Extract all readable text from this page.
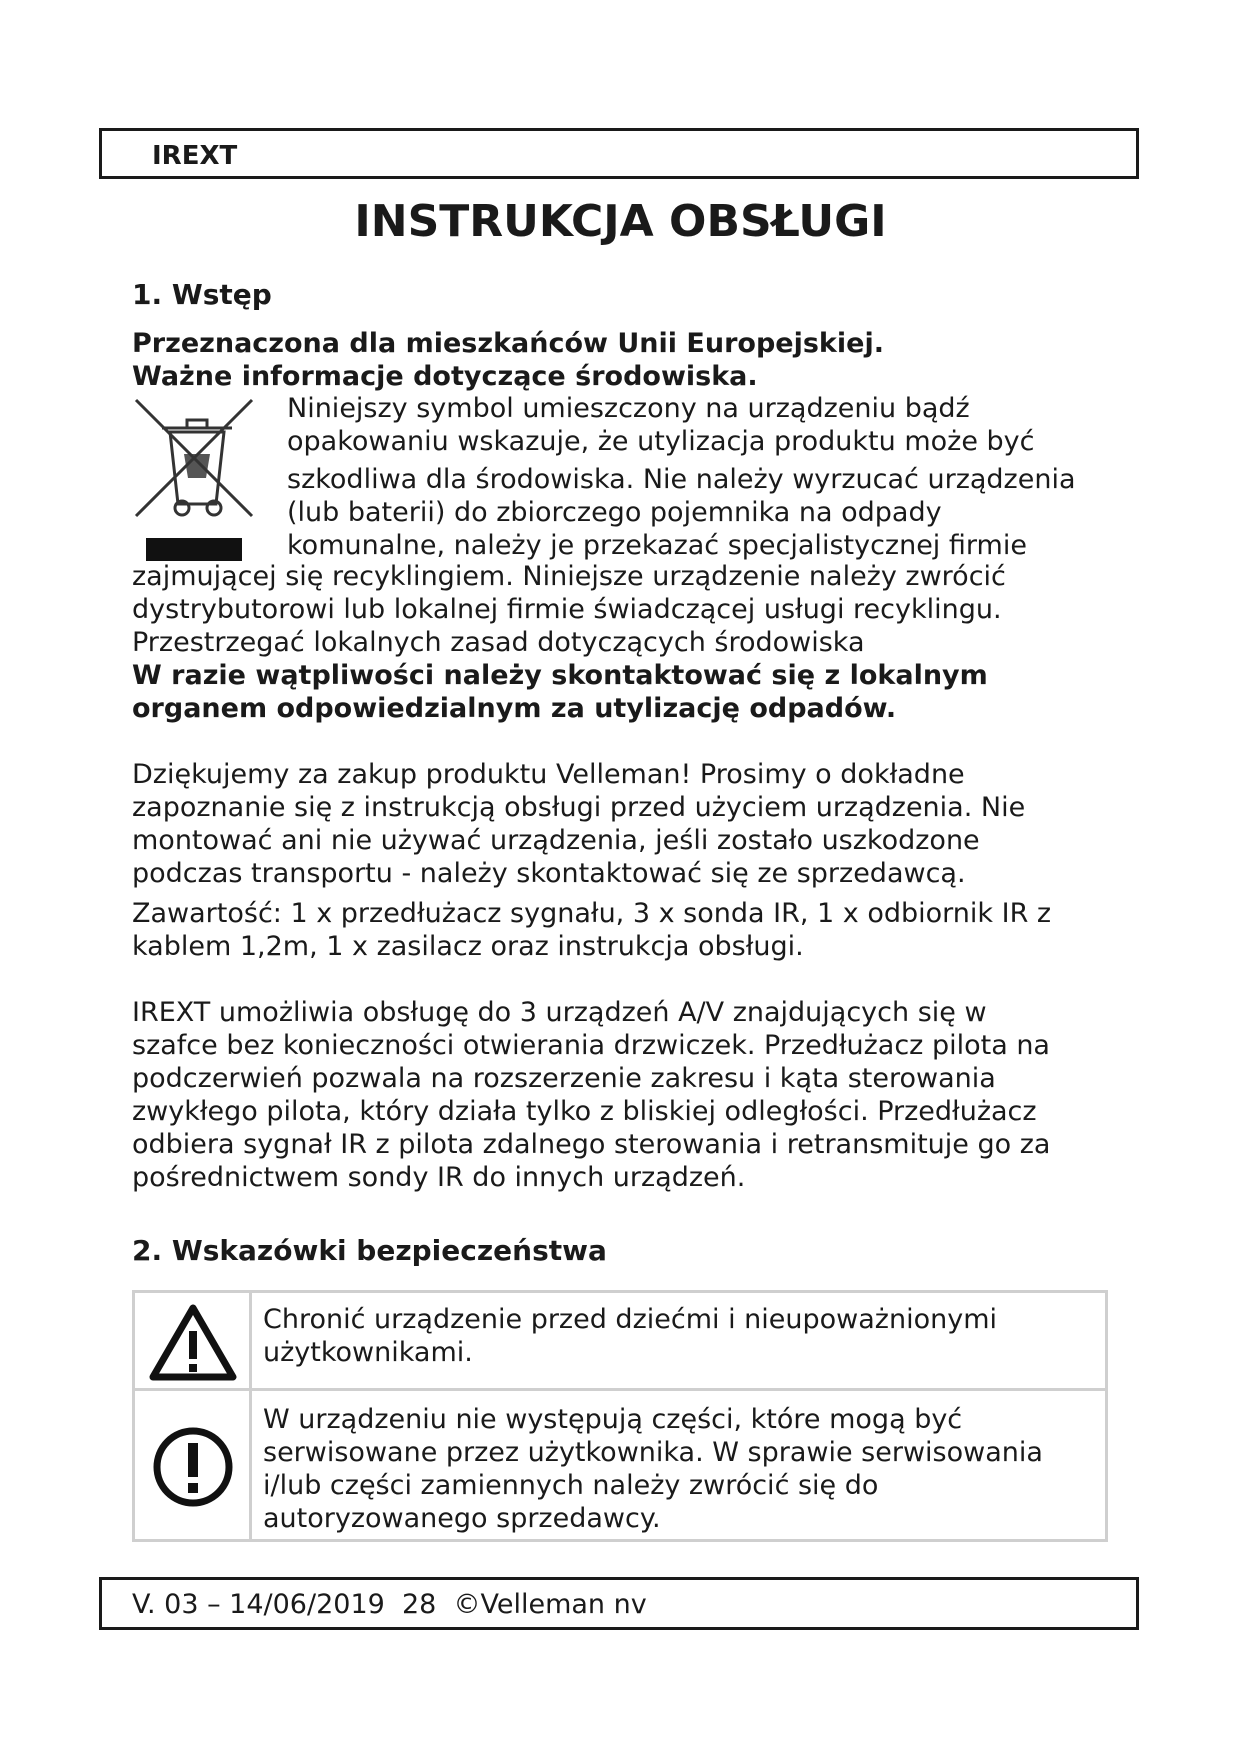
IREXT
INSTRUKCJA OBSŁUGI
1. Wstęp
Przeznaczona dla mieszkańców Unii Europejskiej.
Ważne informacje dotyczące środowiska.
Niniejszy symbol umieszczony na urządzeniu bądź
opakowaniu wskazuje, że utylizacja produktu może być
szkodliwa dla środowiska. Nie należy wyrzucać urządzenia
(lub baterii) do zbiorczego pojemnika na odpady
komunalne, należy je przekazać specjalistycznej firmie
zajmującej się recyklingiem. Niniejsze urządzenie należy zwrócić
dystrybutorowi lub lokalnej firmie świadczącej usługi recyklingu.
Przestrzegać lokalnych zasad dotyczących środowiska
W razie wątpliwości należy skontaktować się z lokalnym
organem odpowiedzialnym za utylizację odpadów.
Dziękujemy za zakup produktu Velleman! Prosimy o dokładne
zapoznanie się z instrukcją obsługi przed użyciem urządzenia. Nie
montować ani nie używać urządzenia, jeśli zostało uszkodzone
podczas transportu - należy skontaktować się ze sprzedawcą.
Zawartość: 1 x przedłużacz sygnału, 3 x sonda IR, 1 x odbiornik IR z
kablem 1,2m, 1 x zasilacz oraz instrukcja obsługi.
IREXT umożliwia obsługę do 3 urządzeń A/V znajdujących się w
szafce bez konieczności otwierania drzwiczek. Przedłużacz pilota na
podczerwień pozwala na rozszerzenie zakresu i kąta sterowania
zwykłego pilota, który działa tylko z bliskiej odległości. Przedłużacz
odbiera sygnał IR z pilota zdalnego sterowania i retransmituje go za
pośrednictwem sondy IR do innych urządzeń.
2. Wskazówki bezpieczeństwa
Chronić urządzenie przed dziećmi i nieupoważnionymi
użytkownikami.
W urządzeniu nie występują części, które mogą być
serwisowane przez użytkownika. W sprawie serwisowania
i/lub części zamiennych należy zwrócić się do
autoryzowanego sprzedawcy.
V. 03 – 14/06/2019  28  ©Velleman nv
